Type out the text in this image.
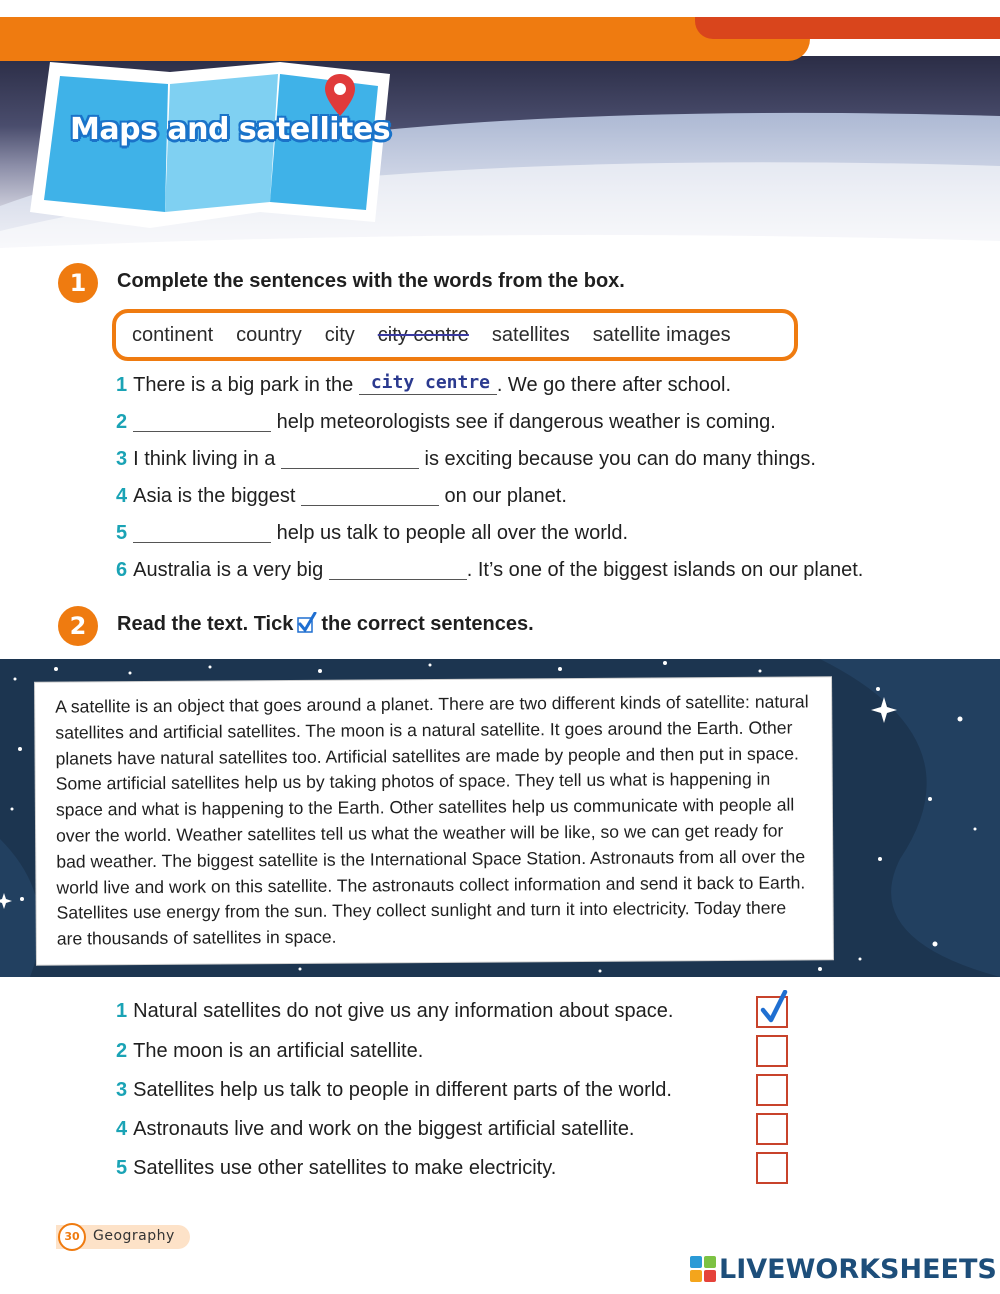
Maps and satellites
1	Complete the sentences with the words from the box.
continent country city city centre satellites satellite images
1 There is a big park in the city centre . We go there after school.
2	help meteorologists see if dangerous weather is coming.
3 I think living in a	is exciting because you can do many things.
4 Asia is the biggest	on our planet.
5	help us talk to people all over the world.
6 Australia is a very big	. It’s one of the biggest islands on our planet.
2	Read the text. Tick the correct sentences.

A satellite is an object that goes around a planet. There are two different kinds of satellite: natural satellites and artificial satellites. The moon is a natural satellite. It goes around the Earth. Other planets have natural satellites too. Artificial satellites are made by people and then put in space. Some artificial satellites help us by taking photos of space. They tell us what is happening in space and what is happening to the Earth. Other satellites help us communicate with people all over the world. Weather satellites tell us what the weather will be like, so we can get ready for bad weather. The biggest satellite is the International Space Station. Astronauts from all over the world live and work on this satellite. The astronauts collect information and send it back to Earth. Satellites use energy from the sun. They collect sunlight and turn it into electricity. Today there are thousands of satellites in space.

1 Natural satellites do not give us any information about space.
2 The moon is an artificial satellite.
3 Satellites help us talk to people in different parts of the world.
4 Astronauts live and work on the biggest artificial satellite.
5 Satellites use other satellites to make electricity.
30 Geography
LIVEWORKSHEETS
